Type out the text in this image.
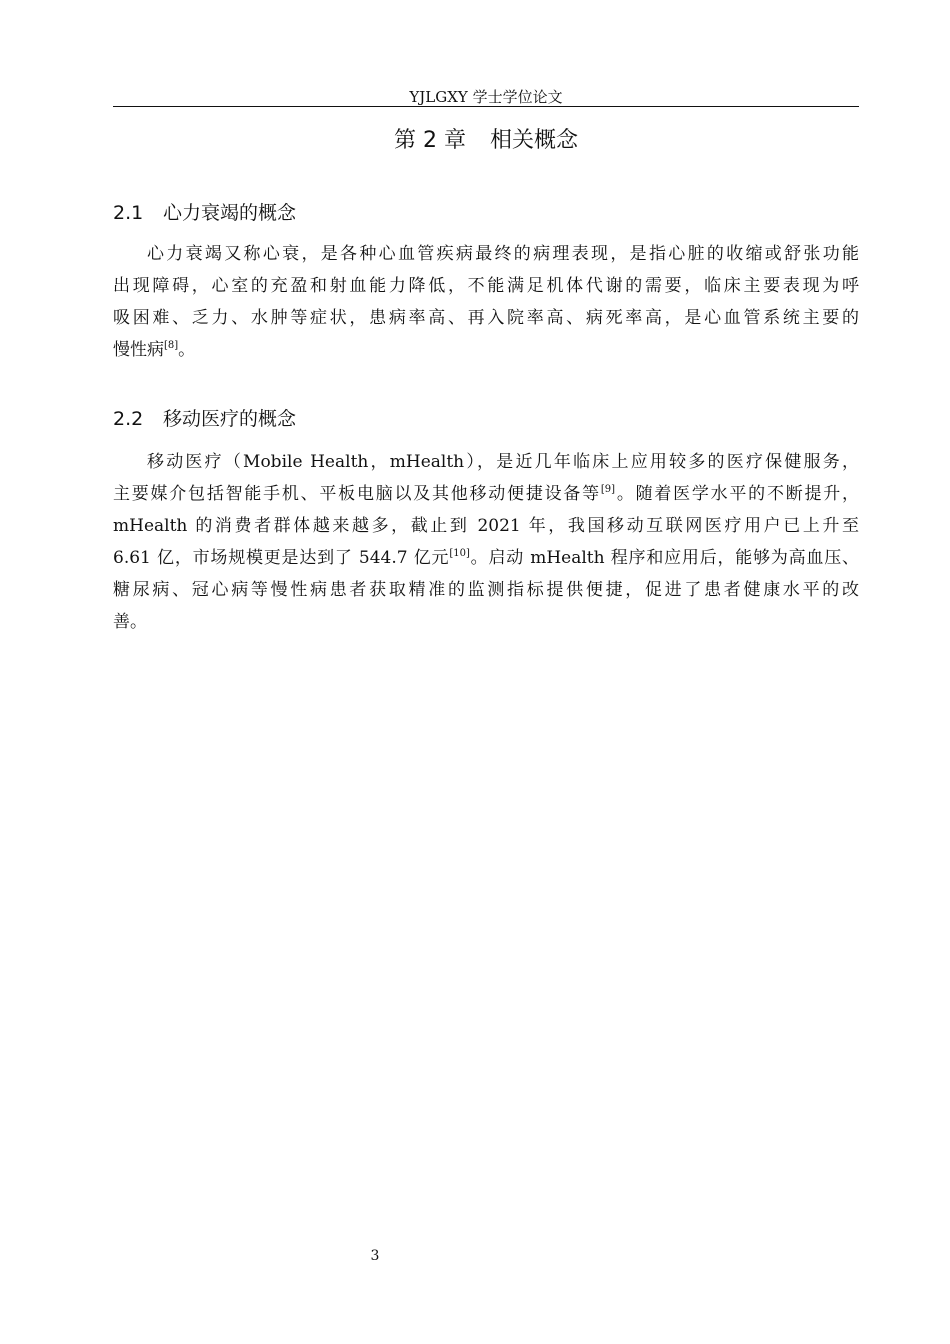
YJLGXY 学士学位论文
第 2 章 相关概念
2.1 心力衰竭的概念
心力衰竭又称心衰，是各种心血管疾病最终的病理表现，是指心脏的收缩或舒张功能
出现障碍，心室的充盈和射血能力降低，不能满足机体代谢的需要，临床主要表现为呼
吸困难、乏力、水肿等症状，患病率高、再入院率高、病死率高，是心血管系统主要的
慢性病[8]。
2.2 移动医疗的概念
移动医疗（Mobile Health，mHealth），是近几年临床上应用较多的医疗保健服务，
主要媒介包括智能手机、平板电脑以及其他移动便捷设备等[9]。随着医学水平的不断提升，
mHealth 的消费者群体越来越多，截止到 2021 年，我国移动互联网医疗用户已上升至
6.61 亿，市场规模更是达到了 544.7 亿元[10]。启动 mHealth 程序和应用后，能够为高血压、
糖尿病、冠心病等慢性病患者获取精准的监测指标提供便捷，促进了患者健康水平的改
善。
3
